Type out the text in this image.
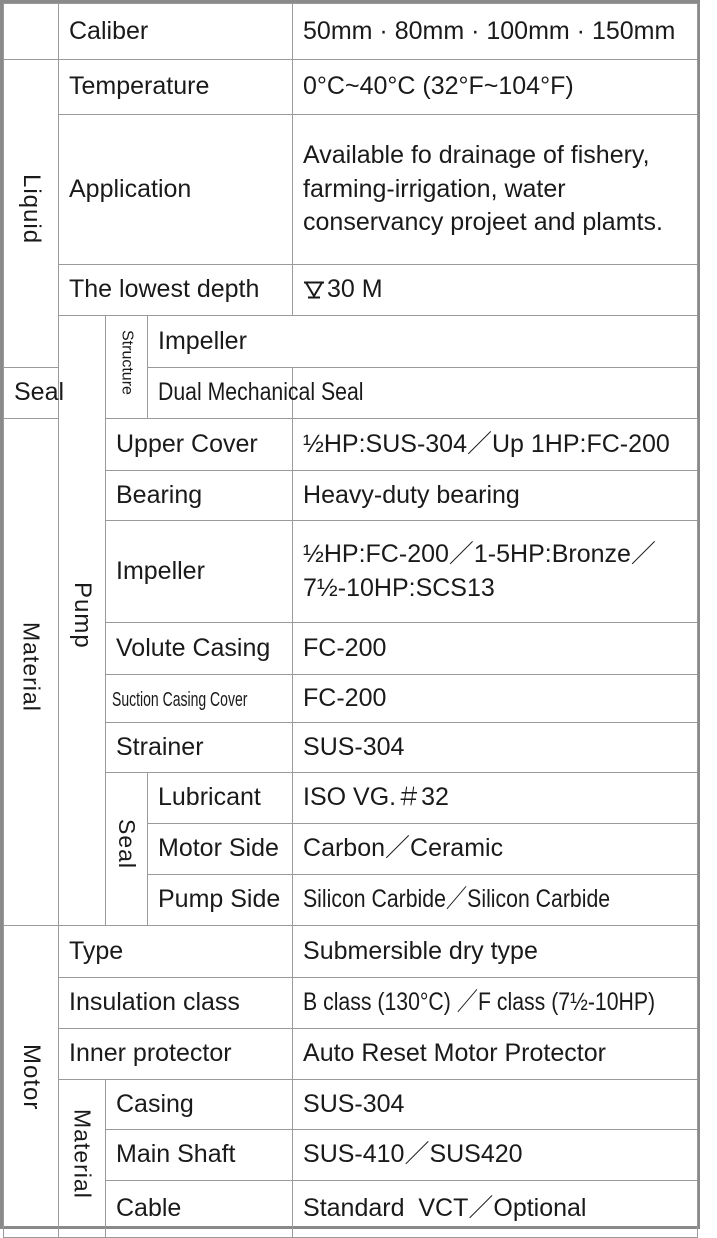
	Caliber			50mm · 80mm · 100mm · 150mm	
Liquid	Temperature			0°C~40°C (32°F~104°F)	
	Application			Available fo drainage of fishery, farming-irrigation, water conservancy projeet and plamts.	
	The lowest depth			30 M	
	Pump	Structure	Impeller	
Seal			Dual Mechanical Seal		
Material		Upper Cover		½HP:SUS-304／Up 1HP:FC-200	
		Bearing		Heavy-duty bearing	
		Impeller		½HP:FC-200／1-5HP:Bronze／7½-10HP:SCS13	
		Volute Casing		FC-200	
		Suction Casing Cover		FC-200	
		Strainer		SUS-304	
		Seal	Lubricant	ISO VG.＃32	
			Motor Side	Carbon／Ceramic	
			Pump Side	Silicon Carbide／Silicon Carbide	
Motor	Type			Submersible dry type	
	Insulation class			B class (130°C) ／F class (7½-10HP)	
	Inner protector			Auto Reset Motor Protector	
	Material	Casing		SUS-304	
		Main Shaft		SUS-410／SUS420	
		Cable		Standard  VCT／Optional	
